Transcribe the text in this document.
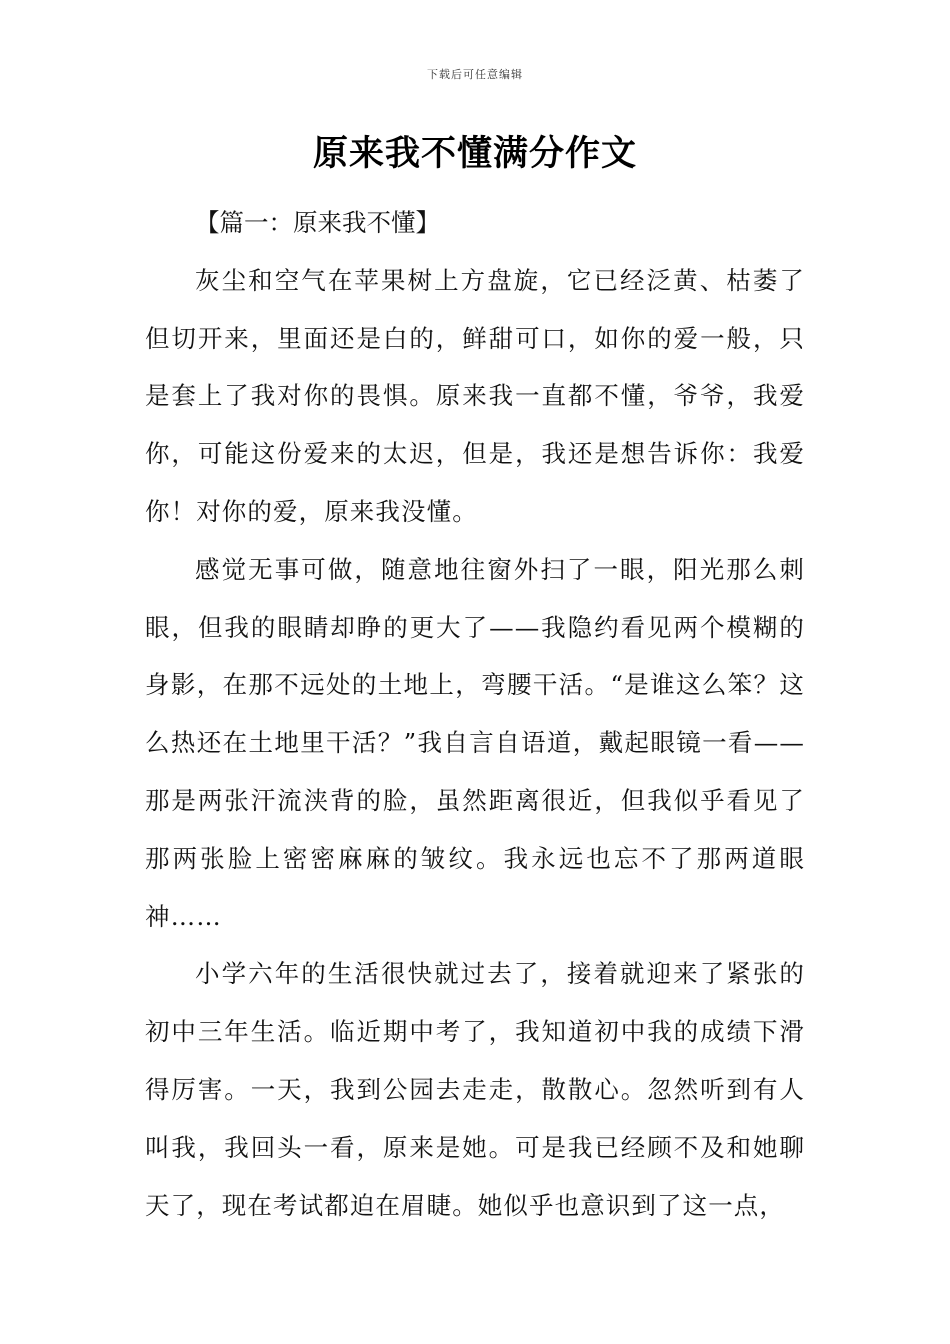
下载后可任意编辑
原来我不懂满分作文

【篇一：原来我不懂】

灰尘和空气在苹果树上方盘旋，它已经泛黄、枯萎了但切开来，里面还是白的，鲜甜可口，如你的爱一般，只是套上了我对你的畏惧。原来我一直都不懂，爷爷，我爱你，可能这份爱来的太迟，但是，我还是想告诉你：我爱你！对你的爱，原来我没懂。

感觉无事可做，随意地往窗外扫了一眼，阳光那么刺眼，但我的眼睛却睁的更大了——我隐约看见两个模糊的身影，在那不远处的土地上，弯腰干活。“是谁这么笨？这么热还在土地里干活？”我自言自语道，戴起眼镜一看——那是两张汗流浃背的脸，虽然距离很近，但我似乎看见了那两张脸上密密麻麻的皱纹。我永远也忘不了那两道眼神……

小学六年的生活很快就过去了，接着就迎来了紧张的初中三年生活。临近期中考了，我知道初中我的成绩下滑得厉害。一天，我到公园去走走，散散心。忽然听到有人叫我，我回头一看，原来是她。可是我已经顾不及和她聊天了，现在考试都迫在眉睫。她似乎也意识到了这一点，
